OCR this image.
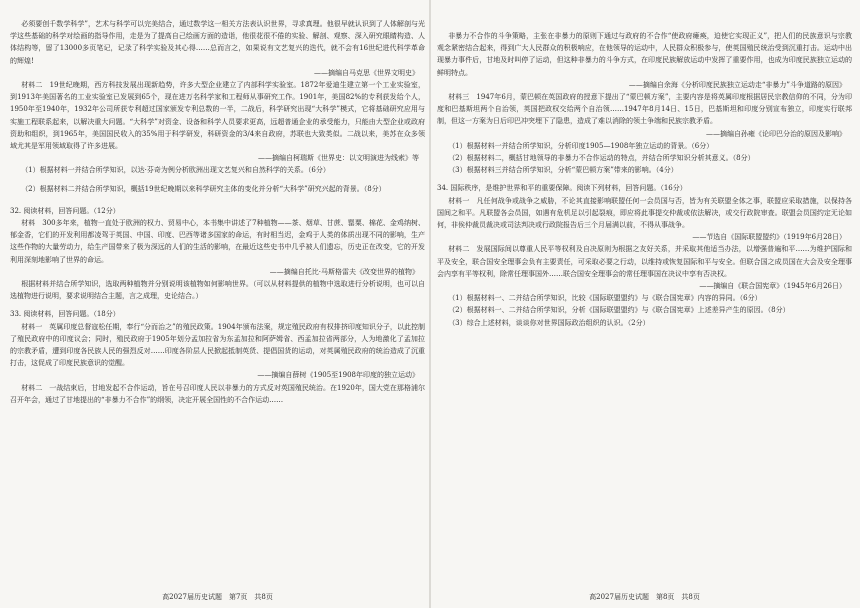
必须要创千数学科学”，艺术与科学可以完美结合，通过数学这一相关方法表认识世界，寻求真理。他很早就认识到了人体解剖与光学这些基础的科学对绘画的指导作用，走是为了提高自己绘画方面的造诣，他很花很不倦的实验、解剖、观察、深入研究眼睛构造、人体结构等，留了13000多页笔记，记录了科学实验及其心得……总而言之，如果说有文艺复兴的迭代，就不会有16世纪进代科学革命的辉煌!

——摘编自马克思《世界文明史》

材料二　19世纪晚期，西方科技发展出现新趋势，许多大型企业建立了内部科学实验室。1872年爱迪生建立第一个工业实验室，到1913年美国著名的工业实验室已发展到65个，现在进万名科学家和工程师从事研究工作。1901年，美国82%的专利获发给个人，1950年至1940年，1932年公司所获专利超过国家颁发专利总数的一半，二战后，科学研究出现“大科学”模式，它将基础研究应用与实施工程联系起来，以解决重大问题。“大科学”对资金、设备和科学人员要求更高，远超普通企业的承受能力，只能由大型企业或政府资助和组织，到1965年，美国国民收入的35%用于科学研发，科研资金的3/4来自政府，苏联也大致类似。二战以来，美苏在众多领域尤其是军用领域取得了许多进展。

——摘编自柯瑞斯《世界史：以文明演进为线索》等

（1）根据材料一并结合所学知识，以达·芬奇为例分析欧洲出现文艺复兴和自然科学的关系。（6分）

（2）根据材料二并结合所学知识，概括19世纪晚期以来科学研究主体的变化并分析“大科学”研究兴起的背景。（8分）

32. 阅读材料，回答问题。（12分）

材料　300多年来，植物一直处于欧洲的权力、贸易中心，本书集中讲述了7种植物——茶、烟草、甘蔗、罂粟、棉花、金鸡纳树、郁金香，它们的开发利用都凌驾于英国、中国、印度、巴西等诸多国家的命运，有时相当迟，金鸡于人类的体质出现不同的影响，生产这些作物的大量劳动力，给生产国带来了极为深远的人们的生活的影响，在最近这些史书中几乎被人们遗忘，历史正在改变，它的开发利用深刻地影响了世界的命运。

——摘编自托比·马斯格雷夫《改变世界的植物》

根据材料并结合所学知识，选取两种植物并分别说明该植物如何影响世界。（可以从材料提供的植物中选取进行分析说明，也可以自选植物进行说明，要求说明结合主题，言之成理，史论结合。）

33. 阅读材料，回答问题。（18分）

材料一　英属印度总督寇松任期，奉行“分而治之”的殖民政策。1904年颁布法案，规定殖民政府有权排挤印度知识分子，以此控制了殖民政府中的印度议会；同时，殖民政府于1905年划分孟加拉省为东孟加拉和阿萨姆省、西孟加拉省两部分，人为地激化了孟加拉的宗教矛盾，遭到印度各民族人民的强烈反对……印度各阶层人民掀起抵制英货、提倡国货的运动，对英属殖民政府的统治造成了沉重打击，这促成了印度民族意识的觉醒。

——摘编自薛树《1905至1908年印度的独立运动》

材料二　一战结束后，甘地发起不合作运动，旨在号召印度人民以非暴力的方式反对英国殖民统治。在1920年，国大党在那格浦尔召开年会，通过了甘地提出的“非暴力不合作”的纲领，决定开展全国性的不合作运动……

高2027届历史试题　第7页　共8页

非暴力不合作的斗争策略，主张在非暴力的原则下通过与政府的不合作“使政府瘫痪，迫使它实现正义”，把人们的民族意识与宗教观念紧密结合起来，得到广大人民群众的积极响应，在他领导的运动中，人民群众积极参与，使英国殖民统治受到沉重打击。运动中出现暴力事件后，甘地及时叫停了运动，但这种非暴力的斗争方式，在印度民族解放运动中发挥了重要作用，也成为印度民族独立运动的鲜明特点。

——摘编自余海《分析印度民族独立运动走“非暴力”斗争道路的原因》

材料三　1947年6月，蒙巴顿在英国政府的授意下提出了“蒙巴顿方案”，主要内容是将英属印度根据居民宗教信仰的不同，分为印度和巴基斯坦两个自治领，英国把政权交给两个自治领……1947年8月14日、15日，巴基斯坦和印度分别宣布独立，印度实行联邦制，但这一方案为日后印巴冲突埋下了隐患，造成了难以消除的领土争端和民族宗教矛盾。

——摘编自孙雍《论印巴分治的原因及影响》

（1）根据材料一并结合所学知识，分析印度1905—1908年独立运动的背景。（6分）

（2）根据材料二，概括甘地领导的非暴力不合作运动的特点，并结合所学知识分析其意义。（8分）

（3）根据材料三并结合所学知识，分析“蒙巴顿方案”带来的影响。（4分）

34. 国际秩序，是维护世界和平的重要保障。阅读下列材料，回答问题。（16分）

材料一　凡任何战争或战争之威胁，不论其直接影响联盟任何一会员国与否，皆为有关联盟全体之事，联盟应采取措施，以保持各国间之和平。凡联盟各会员国，如遇有危机足以引起裂痕，即应将此事提交仲裁或依法解决，或交行政院审查。联盟会员国约定无论如何，非俟仲裁员裁决或司法判决或行政院报告后三个月届满以前，不得从事战争。

——节选自《国际联盟盟约》（1919年6月28日）

材料二　发展国际间以尊重人民平等权利及自决原则为根据之友好关系，并采取其他适当办法，以增强普遍和平……为维护国际和平及安全，联合国安全理事会负有主要责任，可采取必要之行动，以维持或恢复国际和平与安全。但联合国之成员国在大会及安全理事会内享有平等权利，除常任理事国外……联合国安全理事会的常任理事国在决议中享有否决权。

——摘编自《联合国宪章》（1945年6月26日）

（1）根据材料一、二并结合所学知识，比较《国际联盟盟约》与《联合国宪章》内容的异同。（6分）

（2）根据材料一、二并结合所学知识，分析《国际联盟盟约》与《联合国宪章》上述差异产生的原因。（8分）

（3）综合上述材料，谈谈你对世界国际政治组织的认识。（2分）

高2027届历史试题　第8页　共8页
